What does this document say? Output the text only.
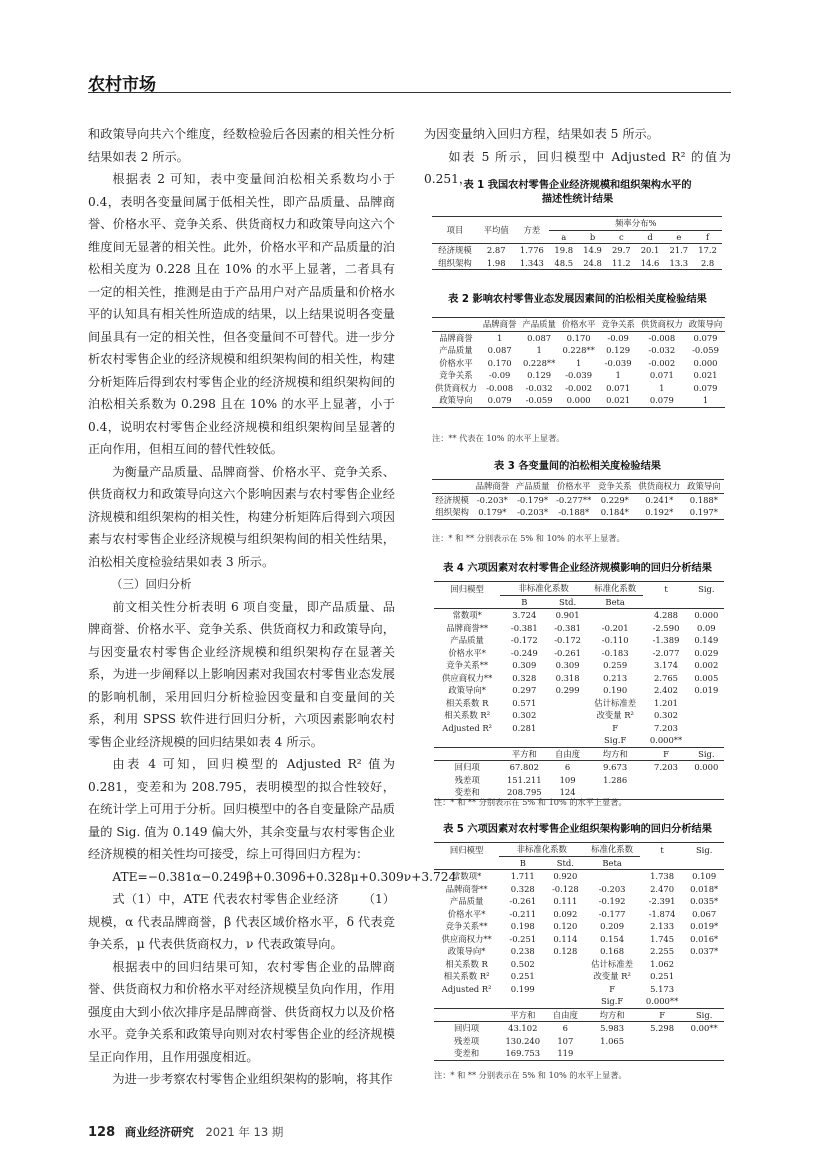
农村市场

和政策导向共六个维度，经数检验后各因素的相关性分析结果如表 2 所示。

根据表 2 可知，表中变量间泊松相关系数均小于 0.4，表明各变量间属于低相关性，即产品质量、品牌商誉、价格水平、竞争关系、供货商权力和政策导向这六个维度间无显著的相关性。此外，价格水平和产品质量的泊松相关度为 0.228 且在 10% 的水平上显著，二者具有一定的相关性，推测是由于产品用户对产品质量和价格水平的认知具有相关性所造成的结果，以上结果说明各变量间虽具有一定的相关性，但各变量间不可替代。进一步分析农村零售企业的经济规模和组织架构间的相关性，构建分析矩阵后得到农村零售企业的经济规模和组织架构间的泊松相关系数为 0.298 且在 10% 的水平上显著，小于 0.4，说明农村零售企业经济规模和组织架构间呈显著的正向作用，但相互间的替代性较低。

为衡量产品质量、品牌商誉、价格水平、竞争关系、供货商权力和政策导向这六个影响因素与农村零售企业经济规模和组织架构的相关性，构建分析矩阵后得到六项因素与农村零售企业经济规模与组织架构间的相关性结果，泊松相关度检验结果如表 3 所示。

（三）回归分析

前文相关性分析表明 6 项自变量，即产品质量、品牌商誉、价格水平、竞争关系、供货商权力和政策导向，与因变量农村零售企业经济规模和组织架构存在显著关系，为进一步阐释以上影响因素对我国农村零售业态发展的影响机制，采用回归分析检验因变量和自变量间的关系，利用 SPSS 软件进行回归分析，六项因素影响农村零售企业经济规模的回归结果如表 4 所示。

由表 4 可知，回归模型的 Adjusted R² 值为 0.281，变差和为 208.795，表明模型的拟合性较好，在统计学上可用于分析。回归模型中的各自变量除产品质量的 Sig. 值为 0.149 偏大外，其余变量与农村零售企业经济规模的相关性均可接受，综上可得回归方程为：

ATE=−0.381α−0.249β+0.309δ+0.328μ+0.309ν+3.724
（1）

式（1）中，ATE 代表农村零售企业经济规模，α 代表品牌商誉，β 代表区域价格水平，δ 代表竞争关系，μ 代表供货商权力，ν 代表政策导向。

根据表中的回归结果可知，农村零售企业的品牌商誉、供货商权力和价格水平对经济规模呈负向作用，作用强度由大到小依次排序是品牌商誉、供货商权力以及价格水平。竞争关系和政策导向则对农村零售企业的经济规模呈正向作用，且作用强度相近。

为进一步考察农村零售企业组织架构的影响，将其作

为因变量纳入回归方程，结果如表 5 所示。

如表 5 所示，回归模型中 Adjusted R² 的值为 0.251，

表 1 我国农村零售企业经济规模和组织架构水平的
描述性统计结果
项目	平均值	方差	频率分布%					
			a	b	c	d	e	f
经济规模	2.87	1.776	19.8	14.9	29.7	20.1	21.7	17.2
组织架构	1.98	1.343	48.5	24.8	11.2	14.6	13.3	2.8
表 2 影响农村零售业态发展因素间的泊松相关度检验结果
	品牌商誉	产品质量	价格水平	竞争关系	供货商权力	政策导向
品牌商誉	1	0.087	0.170	-0.09	-0.008	0.079
产品质量	0.087	1	0.228**	0.129	-0.032	-0.059
价格水平	0.170	0.228**	1	-0.039	-0.002	0.000
竞争关系	-0.09	0.129	-0.039	1	0.071	0.021
供货商权力	-0.008	-0.032	-0.002	0.071	1	0.079
政策导向	0.079	-0.059	0.000	0.021	0.079	1
注：** 代表在 10% 的水平上显著。
表 3 各变量间的泊松相关度检验结果
	品牌商誉	产品质量	价格水平	竞争关系	供货商权力	政策导向
经济规模	-0.203*	-0.179*	-0.277**	0.229*	0.241*	0.188*
组织架构	0.179*	-0.203*	-0.188*	0.184*	0.192*	0.197*
注：* 和 ** 分别表示在 5% 和 10% 的水平上显著。
表 4 六项因素对农村零售企业经济规模影响的回归分析结果
回归模型	非标准化系数		标准化系数	t	Sig.
	B	Std.	Beta		
常数项*	3.724	0.901		4.288	0.000
品牌商誉**	-0.381	-0.381	-0.201	-2.590	0.09
产品质量	-0.172	-0.172	-0.110	-1.389	0.149
价格水平*	-0.249	-0.261	-0.183	-2.077	0.029
竞争关系**	0.309	0.309	0.259	3.174	0.002
供应商权力**	0.328	0.318	0.213	2.765	0.005
政策导向*	0.297	0.299	0.190	2.402	0.019
相关系数 R	0.571		估计标准差	1.201	
相关系数 R²	0.302		改变量 R²	0.302	
Adjusted R²	0.281		F	7.203	
			Sig.F	0.000**	
	平方和	自由度	均方和	F	Sig.
回归项	67.802	6	9.673	7.203	0.000
残差项	151.211	109	1.286		
变差和	208.795	124			
注：* 和 ** 分别表示在 5% 和 10% 的水平上显著。
表 5 六项因素对农村零售企业组织架构影响的回归分析结果
回归模型	非标准化系数		标准化系数	t	Sig.
	B	Std.	Beta		
常数项*	1.711	0.920		1.738	0.109
品牌商誉**	0.328	-0.128	-0.203	2.470	0.018*
产品质量	-0.261	0.111	-0.192	-2.391	0.035*
价格水平*	-0.211	0.092	-0.177	-1.874	0.067
竞争关系**	0.198	0.120	0.209	2.133	0.019*
供应商权力**	-0.251	0.114	0.154	1.745	0.016*
政策导向*	0.238	0.128	0.168	2.255	0.037*
相关系数 R	0.502		估计标准差	1.062	
相关系数 R²	0.251		改变量 R²	0.251	
Adjusted R²	0.199		F	5.173	
			Sig.F	0.000**	
	平方和	自由度	均方和	F	Sig.
回归项	43.102	6	5.983	5.298	0.00**
残差项	130.240	107	1.065		
变差和	169.753	119			
注：* 和 ** 分别表示在 5% 和 10% 的水平上显著。
128 商业经济研究 2021 年 13 期
